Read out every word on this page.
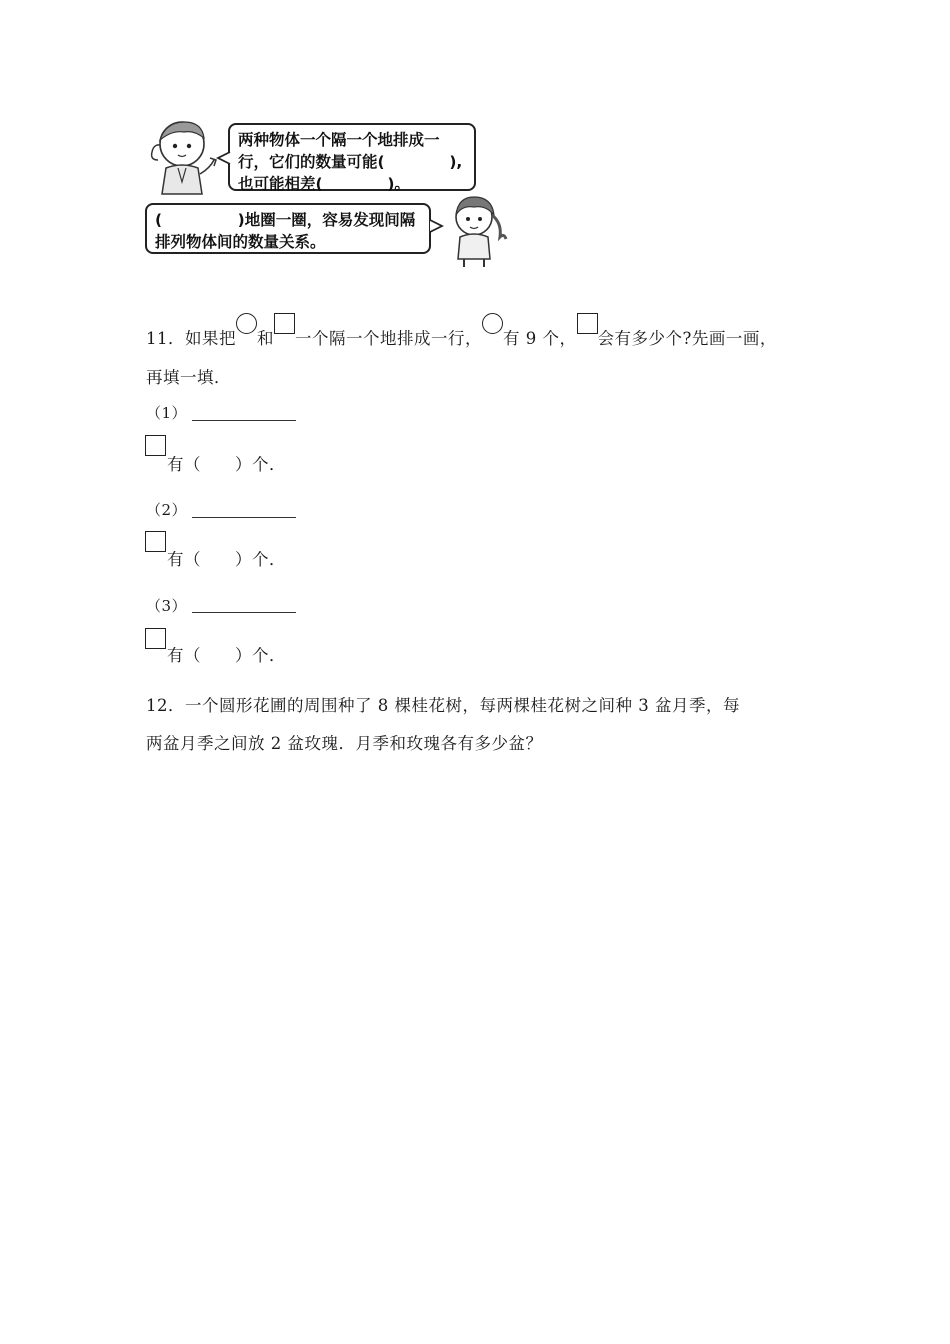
两种物体一个隔一个地排成一
行，它们的数量可能(            ),
也可能相差(            )。
(              )地圈一圈，容易发现间隔
排列物体间的数量关系。
11．如果把 和 一个隔一个地排成一行， 有 9 个， 会有多少个?先画一画，
再填一填．
（1）
有（　　）个．
（2）
有（　　）个．
（3）
有（　　）个．
12．一个圆形花圃的周围种了 8 棵桂花树，每两棵桂花树之间种 3 盆月季，每
两盆月季之间放 2 盆玫瑰．月季和玫瑰各有多少盆？
